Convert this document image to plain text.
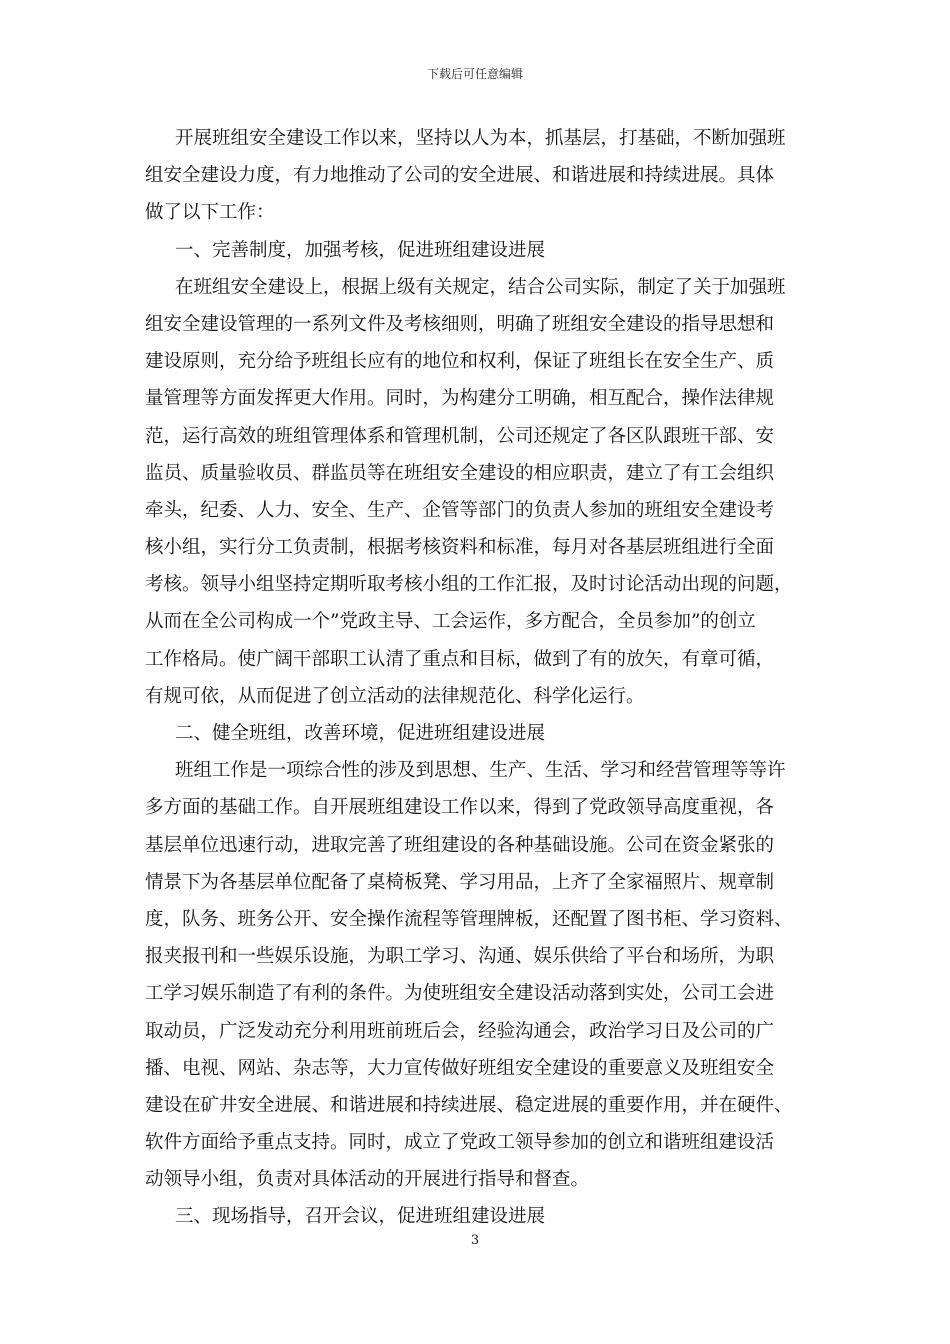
下载后可任意编辑
开展班组安全建设工作以来，坚持以人为本，抓基层，打基础，不断加强班
组安全建设力度，有力地推动了公司的安全进展、和谐进展和持续进展。具体
做了以下工作：
一、完善制度，加强考核，促进班组建设进展
在班组安全建设上，根据上级有关规定，结合公司实际，制定了关于加强班
组安全建设管理的一系列文件及考核细则，明确了班组安全建设的指导思想和
建设原则，充分给予班组长应有的地位和权利，保证了班组长在安全生产、质
量管理等方面发挥更大作用。同时，为构建分工明确，相互配合，操作法律规
范，运行高效的班组管理体系和管理机制，公司还规定了各区队跟班干部、安
监员、质量验收员、群监员等在班组安全建设的相应职责，建立了有工会组织
牵头，纪委、人力、安全、生产、企管等部门的负责人参加的班组安全建设考
核小组，实行分工负责制，根据考核资料和标准，每月对各基层班组进行全面
考核。领导小组坚持定期听取考核小组的工作汇报，及时讨论活动出现的问题，
从而在全公司构成一个”党政主导、工会运作，多方配合，全员参加”的创立
工作格局。使广阔干部职工认清了重点和目标，做到了有的放矢，有章可循，
有规可依，从而促进了创立活动的法律规范化、科学化运行。
二、健全班组，改善环境，促进班组建设进展
班组工作是一项综合性的涉及到思想、生产、生活、学习和经营管理等等许
多方面的基础工作。自开展班组建设工作以来，得到了党政领导高度重视，各
基层单位迅速行动，进取完善了班组建设的各种基础设施。公司在资金紧张的
情景下为各基层单位配备了桌椅板凳、学习用品，上齐了全家福照片、规章制
度，队务、班务公开、安全操作流程等管理牌板，还配置了图书柜、学习资料、
报夹报刊和一些娱乐设施，为职工学习、沟通、娱乐供给了平台和场所，为职
工学习娱乐制造了有利的条件。为使班组安全建设活动落到实处，公司工会进
取动员，广泛发动充分利用班前班后会，经验沟通会，政治学习日及公司的广
播、电视、网站、杂志等，大力宣传做好班组安全建设的重要意义及班组安全
建设在矿井安全进展、和谐进展和持续进展、稳定进展的重要作用，并在硬件、
软件方面给予重点支持。同时，成立了党政工领导参加的创立和谐班组建设活
动领导小组，负责对具体活动的开展进行指导和督查。
三、现场指导，召开会议，促进班组建设进展
3
